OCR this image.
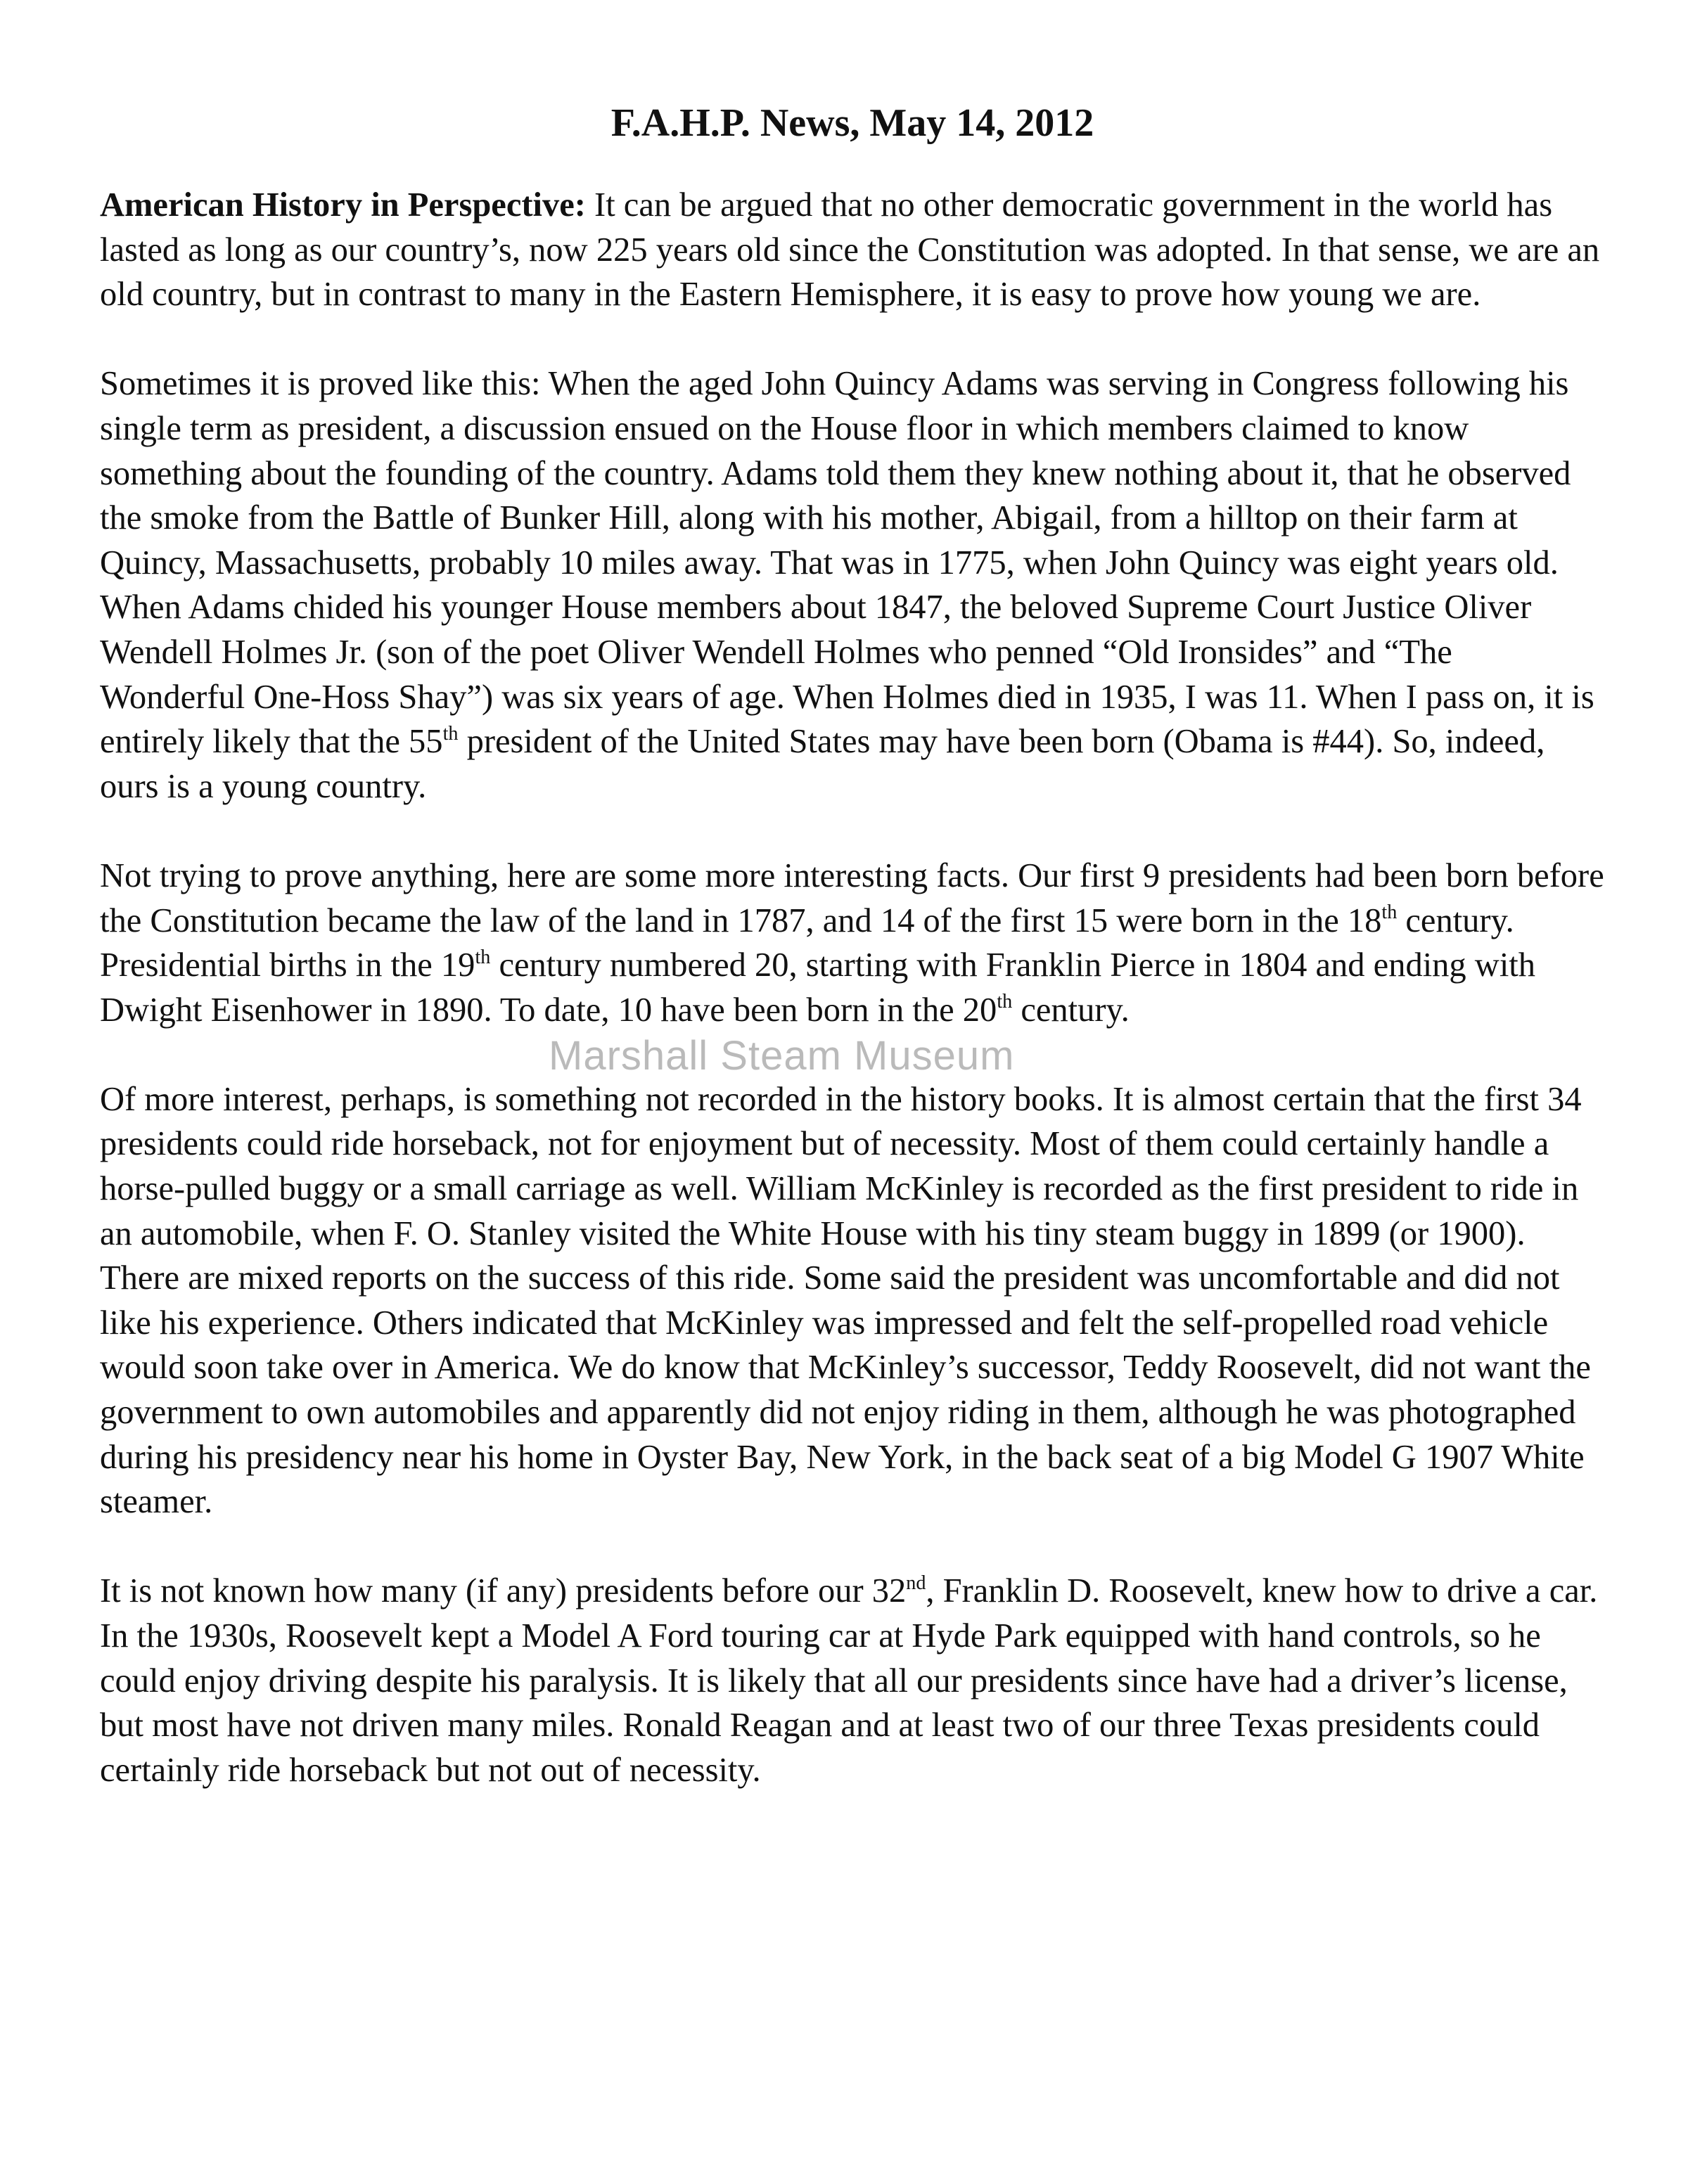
F.A.H.P. News, May 14, 2012

American History in Perspective: It can be argued that no other democratic government in the world has lasted as long as our country’s, now 225 years old since the Constitution was adopted. In that sense, we are an old country, but in contrast to many in the Eastern Hemisphere, it is easy to prove how young we are.

Sometimes it is proved like this: When the aged John Quincy Adams was serving in Congress following his single term as president, a discussion ensued on the House floor in which members claimed to know something about the founding of the country. Adams told them they knew nothing about it, that he observed the smoke from the Battle of Bunker Hill, along with his mother, Abigail, from a hilltop on their farm at Quincy, Massachusetts, probably 10 miles away. That was in 1775, when John Quincy was eight years old. When Adams chided his younger House members about 1847, the beloved Supreme Court Justice Oliver Wendell Holmes Jr. (son of the poet Oliver Wendell Holmes who penned “Old Ironsides” and “The Wonderful One-Hoss Shay”) was six years of age. When Holmes died in 1935, I was 11. When I pass on, it is entirely likely that the 55th president of the United States may have been born (Obama is #44). So, indeed, ours is a young country.

Not trying to prove anything, here are some more interesting facts. Our first 9 presidents had been born before the Constitution became the law of the land in 1787, and 14 of the first 15 were born in the 18th century. Presidential births in the 19th century numbered 20, starting with Franklin Pierce in 1804 and ending with Dwight Eisenhower in 1890. To date, 10 have been born in the 20th century.

Of more interest, perhaps, is something not recorded in the history books. It is almost certain that the first 34 presidents could ride horseback, not for enjoyment but of necessity. Most of them could certainly handle a horse-pulled buggy or a small carriage as well. William McKinley is recorded as the first president to ride in an automobile, when F. O. Stanley visited the White House with his tiny steam buggy in 1899 (or 1900). There are mixed reports on the success of this ride. Some said the president was uncomfortable and did not like his experience. Others indicated that McKinley was impressed and felt the self-propelled road vehicle would soon take over in America. We do know that McKinley’s successor, Teddy Roosevelt, did not want the government to own automobiles and apparently did not enjoy riding in them, although he was photographed during his presidency near his home in Oyster Bay, New York, in the back seat of a big Model G 1907 White steamer.

It is not known how many (if any) presidents before our 32nd, Franklin D. Roosevelt, knew how to drive a car. In the 1930s, Roosevelt kept a Model A Ford touring car at Hyde Park equipped with hand controls, so he could enjoy driving despite his paralysis. It is likely that all our presidents since have had a driver’s license, but most have not driven many miles. Ronald Reagan and at least two of our three Texas presidents could certainly ride horseback but not out of necessity.

Marshall Steam Museum
